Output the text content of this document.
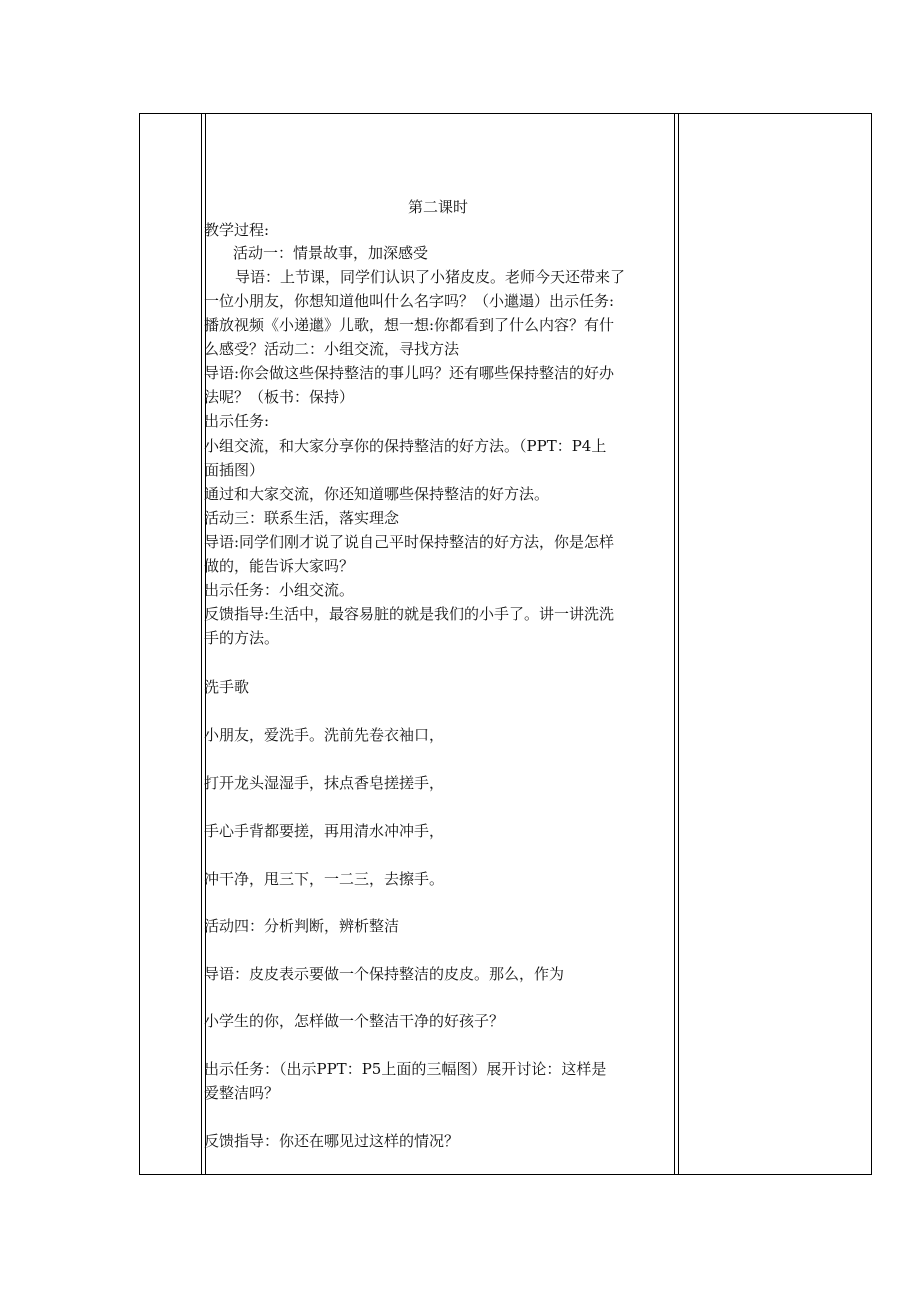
第二课时
教学过程:
活动一：情景故事，加深感受
导语：上节课，同学们认识了小猪皮皮。老师今天还带来了
一位小朋友，你想知道他叫什么名字吗？（小邋遢）出示任务:
播放视频《小递邋》儿歌，想一想:你都看到了什么内容？有什
么感受？活动二：小组交流，寻找方法
导语:你会做这些保持整洁的事儿吗？还有哪些保持整洁的好办
法呢？（板书：保持）
出示任务:
小组交流，和大家分享你的保持整洁的好方法。（PPT：P4上
面插图）
通过和大家交流，你还知道哪些保持整洁的好方法。
活动三：联系生活，落实理念
导语:同学们刚才说了说自己平时保持整洁的好方法，你是怎样
做的，能告诉大家吗？
出示任务：小组交流。
反馈指导:生活中，最容易脏的就是我们的小手了。讲一讲洗洗
手的方法。
洗手歌
小朋友，爱洗手。洗前先卷衣袖口，
打开龙头湿湿手，抹点香皂搓搓手，
手心手背都要搓，再用清水冲冲手，
冲干净，甩三下，一二三，去擦手。
活动四：分析判断，辨析整洁
导语：皮皮表示要做一个保持整洁的皮皮。那么，作为
小学生的你，怎样做一个整洁干净的好孩子？
出示任务：（出示PPT：P5上面的三幅图）展开讨论：这样是
爱整洁吗？
反馈指导：你还在哪见过这样的情况？
